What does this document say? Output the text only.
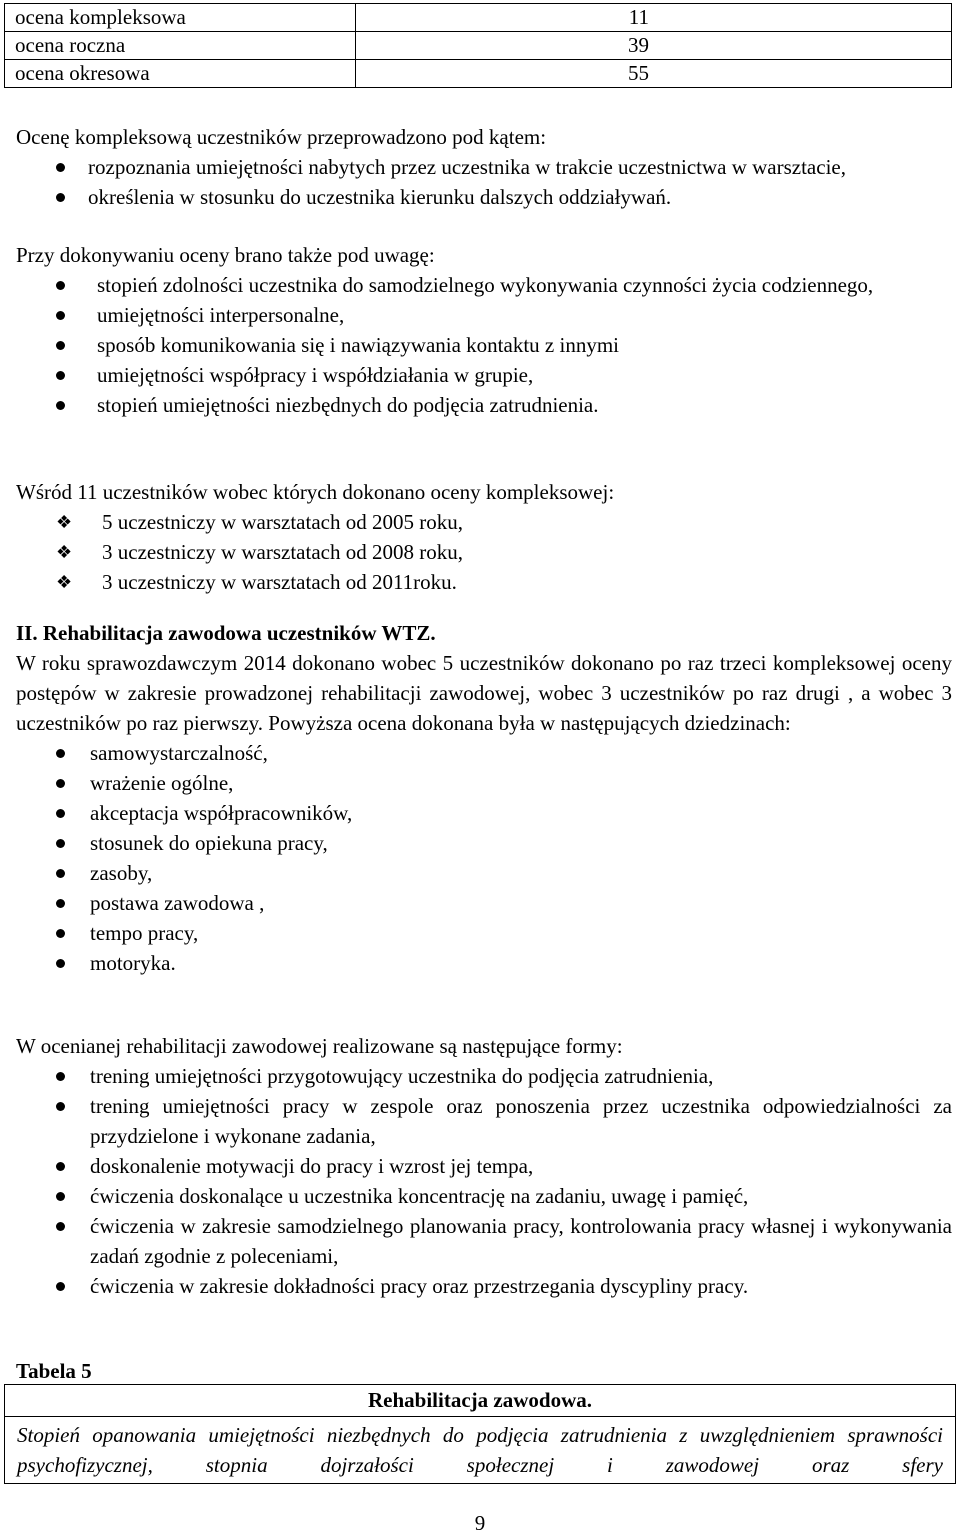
ocena kompleksowa	11
ocena roczna	39
ocena okresowa	55

Ocenę kompleksową uczestników przeprowadzono pod kątem:

rozpoznania umiejętności nabytych przez uczestnika w trakcie uczestnictwa w warsztacie,
określenia w stosunku do uczestnika kierunku dalszych oddziaływań.

Przy dokonywaniu oceny brano także pod uwagę:

stopień zdolności uczestnika do samodzielnego wykonywania czynności życia codziennego,
umiejętności interpersonalne,
sposób komunikowania się i nawiązywania kontaktu z innymi
umiejętności współpracy i współdziałania w grupie,
stopień umiejętności niezbędnych do podjęcia zatrudnienia.

Wśród 11 uczestników wobec których dokonano oceny kompleksowej:

❖ 5 uczestniczy w warsztatach od 2005 roku,
❖ 3 uczestniczy w warsztatach od 2008 roku,
❖ 3 uczestniczy w warsztatach od 2011roku.

II. Rehabilitacja zawodowa uczestników WTZ.

W roku sprawozdawczym 2014 dokonano wobec 5 uczestników dokonano po raz trzeci kompleksowej oceny postępów w zakresie prowadzonej rehabilitacji zawodowej, wobec 3 uczestników po raz drugi , a wobec 3 uczestników po raz pierwszy. Powyższa ocena dokonana była w następujących dziedzinach:

samowystarczalność,
wrażenie ogólne,
akceptacja współpracowników,
stosunek do opiekuna pracy,
zasoby,
postawa zawodowa ,
tempo pracy,
motoryka.

W ocenianej rehabilitacji zawodowej realizowane są następujące formy:

trening umiejętności przygotowujący uczestnika do podjęcia zatrudnienia,
trening umiejętności pracy w zespole oraz ponoszenia przez uczestnika odpowiedzialności za przydzielone i wykonane zadania,
doskonalenie motywacji do pracy i wzrost jej tempa,
ćwiczenia doskonalące u uczestnika koncentrację na zadaniu, uwagę i pamięć,
ćwiczenia w zakresie samodzielnego planowania pracy, kontrolowania pracy własnej i wykonywania zadań zgodnie z poleceniami,
ćwiczenia w zakresie dokładności pracy oraz przestrzegania dyscypliny pracy.
Tabela 5
Rehabilitacja zawodowa.
Stopień opanowania umiejętności niezbędnych do podjęcia zatrudnienia z uwzględnieniem sprawności psychofizycznej, stopnia dojrzałości społecznej i zawodowej oraz sfery
9
